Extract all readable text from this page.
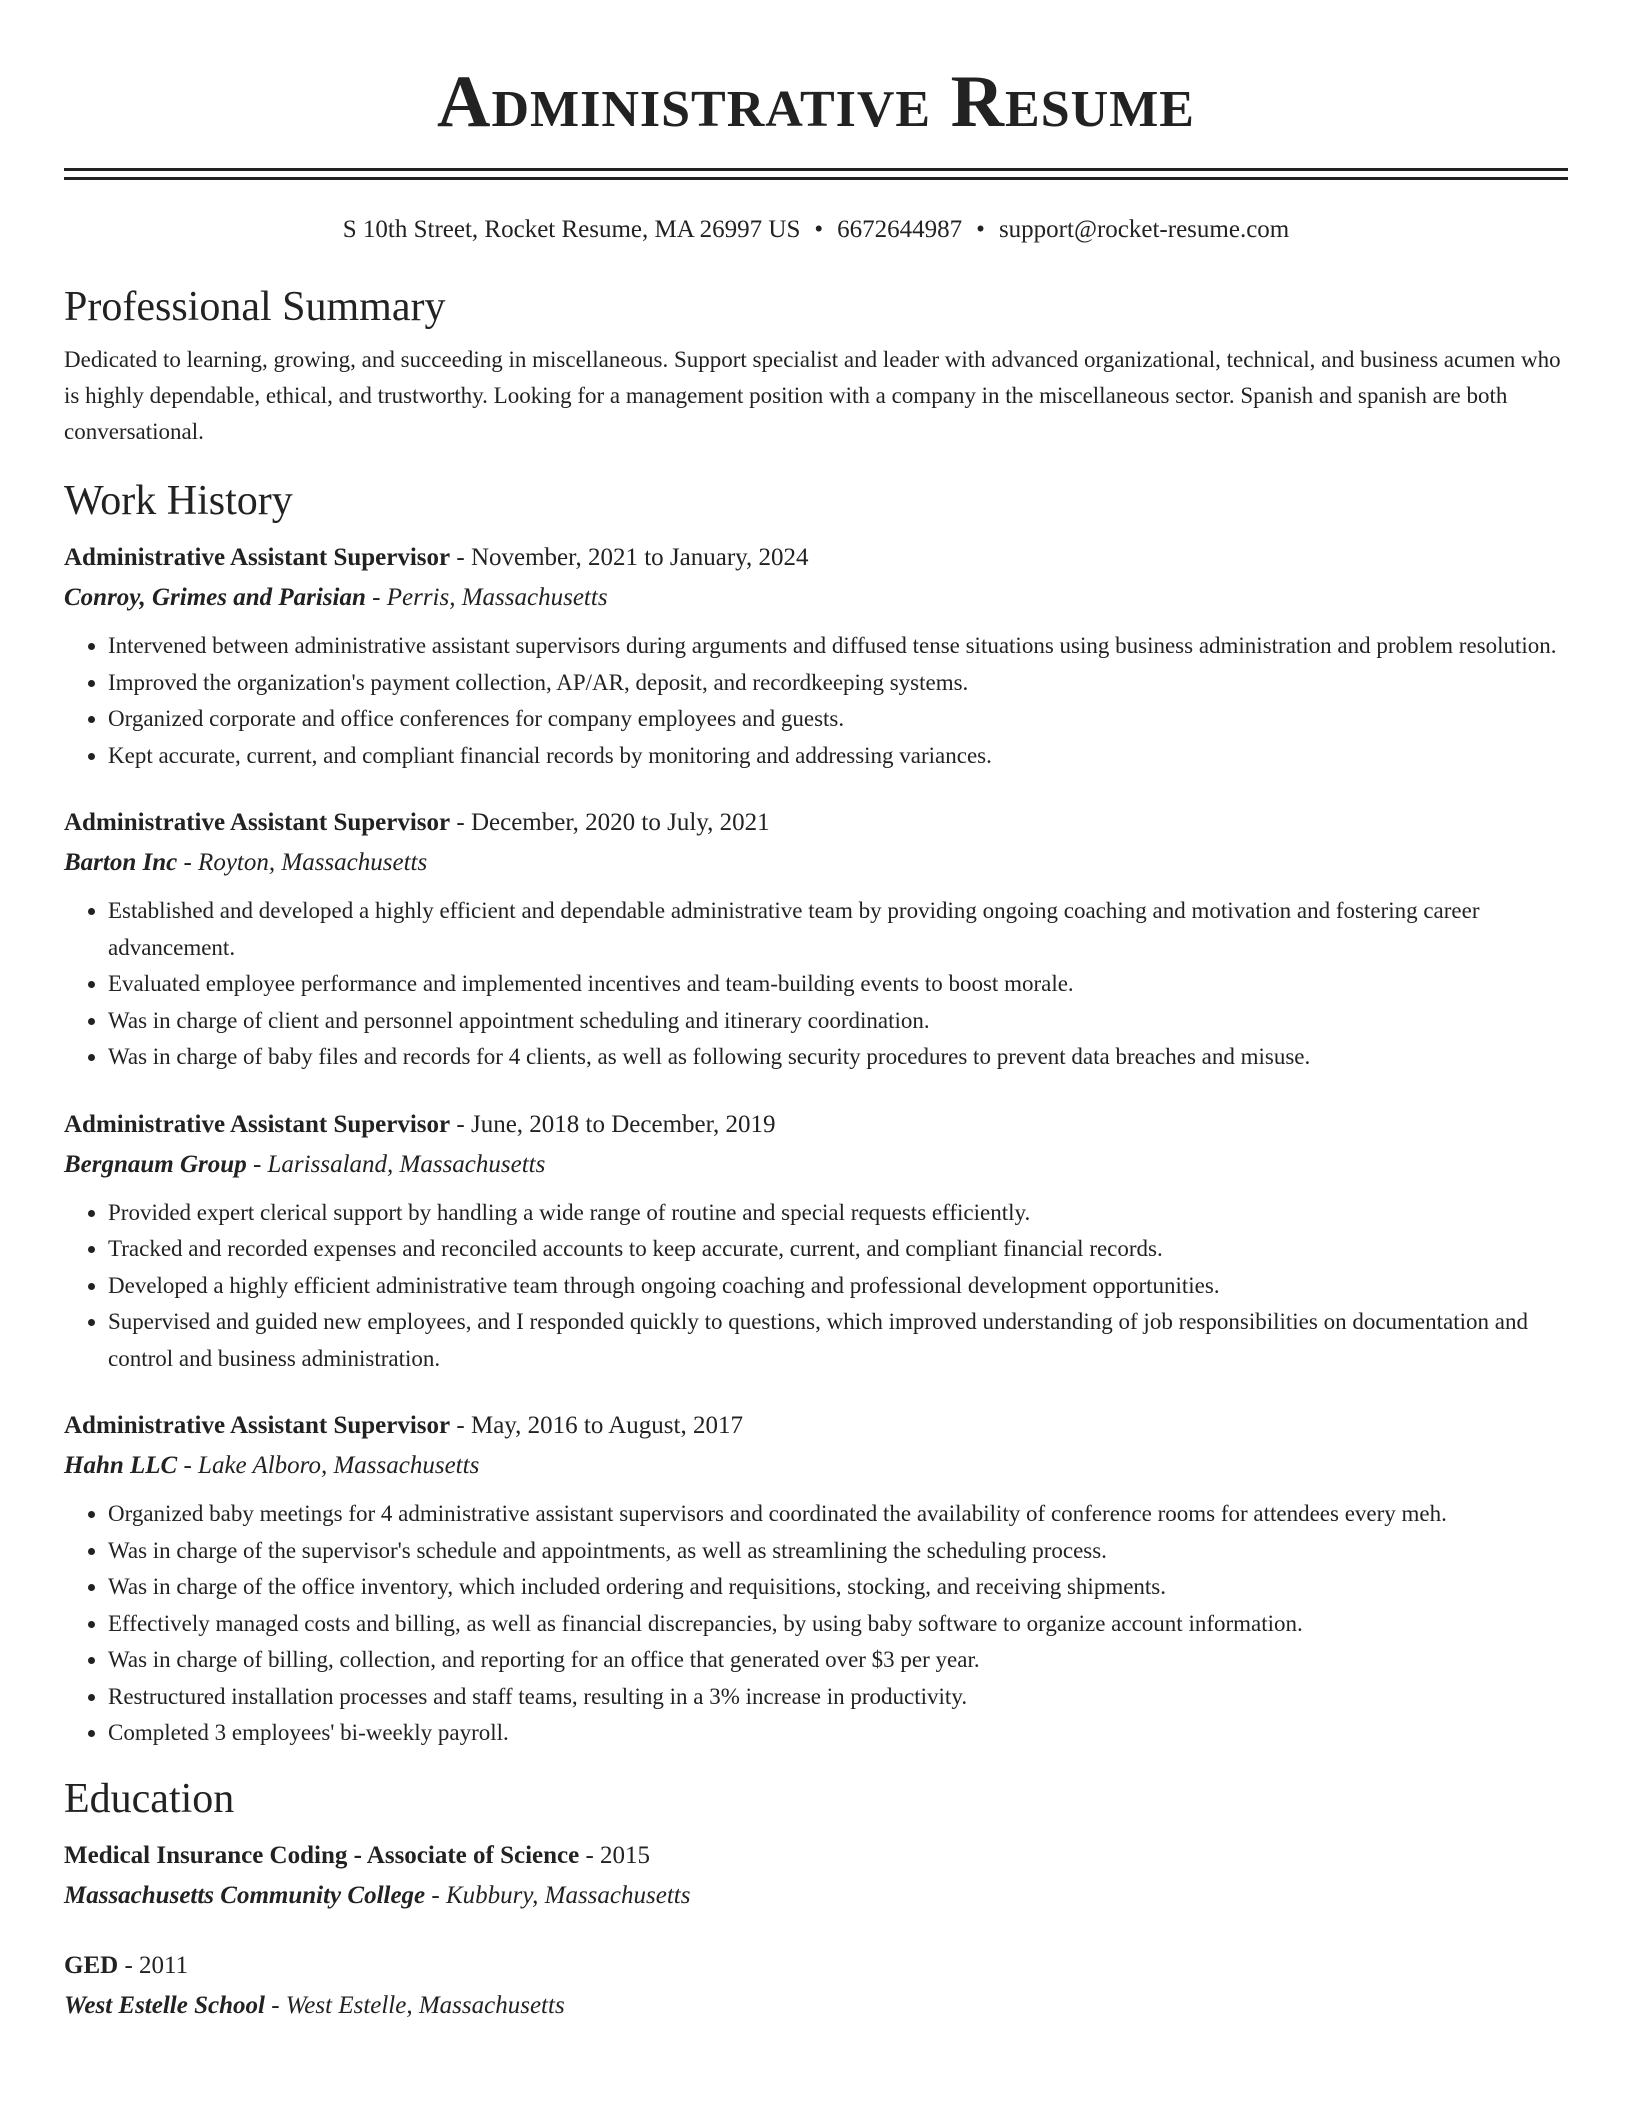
Administrative Resume
S 10th Street, Rocket Resume, MA 26997 US • 6672644987 • support@rocket-resume.com
Professional Summary
Dedicated to learning, growing, and succeeding in miscellaneous. Support specialist and leader with advanced organizational, technical, and business acumen who is highly dependable, ethical, and trustworthy. Looking for a management position with a company in the miscellaneous sector. Spanish and spanish are both conversational.
Work History
Administrative Assistant Supervisor - November, 2021 to January, 2024
Conroy, Grimes and Parisian - Perris, Massachusetts
• Intervened between administrative assistant supervisors during arguments and diffused tense situations using business administration and problem resolution.
• Improved the organization's payment collection, AP/AR, deposit, and recordkeeping systems.
• Organized corporate and office conferences for company employees and guests.
• Kept accurate, current, and compliant financial records by monitoring and addressing variances.
Administrative Assistant Supervisor - December, 2020 to July, 2021
Barton Inc - Royton, Massachusetts
• Established and developed a highly efficient and dependable administrative team by providing ongoing coaching and motivation and fostering career advancement.
• Evaluated employee performance and implemented incentives and team-building events to boost morale.
• Was in charge of client and personnel appointment scheduling and itinerary coordination.
• Was in charge of baby files and records for 4 clients, as well as following security procedures to prevent data breaches and misuse.
Administrative Assistant Supervisor - June, 2018 to December, 2019
Bergnaum Group - Larissaland, Massachusetts
• Provided expert clerical support by handling a wide range of routine and special requests efficiently.
• Tracked and recorded expenses and reconciled accounts to keep accurate, current, and compliant financial records.
• Developed a highly efficient administrative team through ongoing coaching and professional development opportunities.
• Supervised and guided new employees, and I responded quickly to questions, which improved understanding of job responsibilities on documentation and control and business administration.
Administrative Assistant Supervisor - May, 2016 to August, 2017
Hahn LLC - Lake Alboro, Massachusetts
• Organized baby meetings for 4 administrative assistant supervisors and coordinated the availability of conference rooms for attendees every meh.
• Was in charge of the supervisor's schedule and appointments, as well as streamlining the scheduling process.
• Was in charge of the office inventory, which included ordering and requisitions, stocking, and receiving shipments.
• Effectively managed costs and billing, as well as financial discrepancies, by using baby software to organize account information.
• Was in charge of billing, collection, and reporting for an office that generated over $3 per year.
• Restructured installation processes and staff teams, resulting in a 3% increase in productivity.
• Completed 3 employees' bi-weekly payroll.
Education
Medical Insurance Coding - Associate of Science - 2015
Massachusetts Community College - Kubbury, Massachusetts
GED - 2011
West Estelle School - West Estelle, Massachusetts
